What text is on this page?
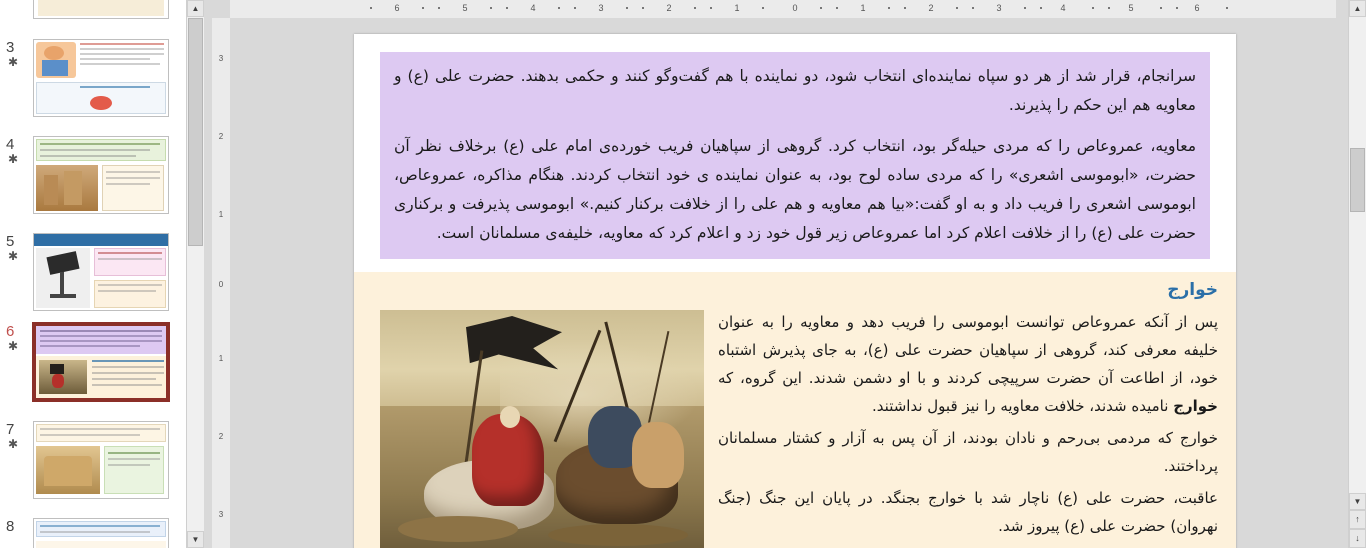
3
✱
4
✱
5
✱
6
✱
7
✱
8
▲
▼
3
2
1
0
1
2
3
6	5	4	3	2	1	0	1	2	3	4	5	6

سرانجام، قرار شد از هر دو سپاه نماینده‌ای انتخاب شود، دو نماینده با هم گفت‌وگو کنند و حکمی بدهند. حضرت علی (ع) و معاویه هم این حکم را پذیرند.

معاویه، عمروعاص را که مردی حیله‌گر بود، انتخاب کرد. گروهی از سپاهیان فریب خورده‌ی امام علی (ع) برخلاف نظر آن حضرت، «ابوموسی اشعری» را که مردی ساده لوح بود، به عنوان نماینده ی خود انتخاب کردند. هنگام مذاکره، عمروعاص، ابوموسی اشعری را فریب داد و به او گفت:«بیا هم معاویه و هم علی را از خلافت برکنار کنیم.» ابوموسی پذیرفت و برکناری حضرت علی (ع) را از خلافت اعلام کرد اما عمروعاص زیر قول خود زد و اعلام کرد که معاویه، خلیفه‌ی مسلمانان است.

خوارج

پس از آنکه عمروعاص توانست ابوموسی را فریب دهد و معاویه را به عنوان خلیفه معرفی کند، گروهی از سپاهیان حضرت علی (ع)، به جای پذیرش اشتباه خود، از اطاعت آن حضرت سرپیچی کردند و با او دشمن شدند. این گروه، که خوارج نامیده شدند، خلافت معاویه را نیز قبول نداشتند.

خوارج که مردمی بی‌رحم و نادان بودند، از آن پس به آزار و کشتار مسلمانان پرداختند.

عاقبت، حضرت علی (ع) ناچار شد با خوارج بجنگد. در پایان این جنگ (جنگ نهروان) حضرت علی (ع) پیروز شد.

▲
▼
↑
↓
